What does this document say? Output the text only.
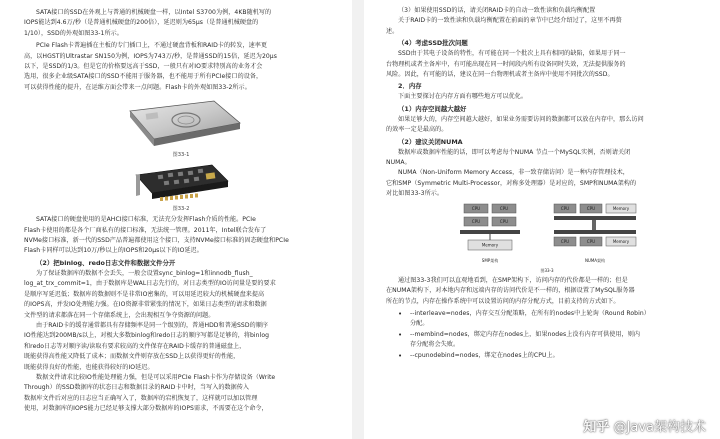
SATA接口的SSD在外观上与普通的机械硬盘一样，以Intel S3700为例，4KB随机写的

IOPS能达到4.6万/秒（是普通机械硬盘的200倍），延迟则为65μs（是普通机械硬盘的

1/10），SSD的外观如图33-1所示。

PCIe Flash卡普遍插在主板的专门插口上，不通过硬盘背板和RAID卡的转发，速率更

高，以HGST的Ultrastar SN150为例，IOPS为743万/秒，是普通SSD的15倍，延迟为20μs

以下，是SSD的1/3。但是它的价格要远高于SSD，一般只有对IO要求特别高的业务才会

选用，很多企业级SATA接口的SSD不能用于服务器，也不能用于所有PCIe接口的设备，

可以获得性能的提升，在运维方面会带来一点问题。Flash卡的外观如图33-2所示。

图33-1

图33-2

SATA接口的硬盘使用的是AHCI接口标准，无法充分发挥Flash介质的性能。PCIe

Flash卡使用的都是各个厂商私有的接口标准，无法统一管理。2011年，Intel联合发布了

NVMe接口标准，新一代的SSD产品普遍都使用这个接口，支持NVMe接口标准的固态硬盘和PCIe

Flash卡同样可以达到10万/秒以上的IOPS和20μs以下的IO延迟。

（2）把binlog、redo日志文件和数据文件分开

为了保证数据库的数据不会丢失，一般会设置sync_binlog=1和innodb_flush_

log_at_trx_commit=1，由于数据库是WAL日志先行的，对日志类型的IO访问量是要的要求

是顺序写延迟低；数据库的数据则不是非常IO密集的，可以用延迟较大的机械硬盘来提高

的IOPS高，并发IO处理能力强。在IO资源非常紧张的情况下，如果日志类型的请求和数据

文件型的请求都落在同一个存储系统上，会出现相互争夺资源的问题。

由于RAID卡的缓存通常都具有存储频率是同一个级别的，普通HDD和普通SSD的顺序

IO性能达到200MB/s以上，对极大多数binlog和redo日志的顺序写都是足够的，将binlog

和redo日志等对顺序读/读取有要求较高的文件保存在RAID卡缓存的普通磁盘上，

既能获得高性能又降低了成本；而数据文件则存放在SSD上以获得更好的性能，

既能获得良好的性能，也能获得较好的IO延迟。

数据文件请求比较IO性能处理能力强，但是可以采用PCIe Flash卡作为存储设备（Write

Through）的SSD数据库的状态日志和数据目录的RAID卡中时，当写入的数据传入

数据库文件后对应的日志应当正确写入了，数据库的宕机恢复了，这样就可以加以管理

使用，对数据库的IOPS能力已经足够支撑大部分数据库的IOPS需求，不需要在这个命令，

（3）如果使用SSD的话，请关闭RAID卡的自动一致性读和负载均衡配置

关于RAID卡的一致性读和负载均衡配置在前面的章节中已经介绍过了，这里不再赘

述。

（4）考虑SSD批次问题

SSD由于其电子设备的特性，有可能在同一个批次上具有相同的缺陷，如果用于同一

台物理机或者主备库中，有可能出现在同一时间段内所有设备同时失效，无法提供服务的

风险。因此，有可能的话，建议在同一台物理机或者主备库中使用不同批次的SSD。

2．内存

下面主要探讨在内存方面有哪些地方可以优化。

（1）内存空间越大越好

如果足够大的，内存空间越大越好，如果业务需要访问的数据都可以放在内存中，那么访问

的效率一定是最高的。

（2）建议关闭NUMA

数据库或数据库性能的话，即可以考虑每个NUMA 节点一个MySQL实例，否则请关闭

NUMA。

NUMA（Non-Uniform Memory Access，非一致存储访问）是一种内存管理技术，

它和SMP（Symmetric Multi-Processor，对称多处理器）是对应的，SMP和NUMA架构的

对比如图33-3所示。

CPU	CPU
CPU	CPU
Memory
SMP架构
CPU	CPU	Memory
CPU	CPU	Memory
NUMA架构
图33-3

通过图33-3我们可以直观地看到，在SMP架构下，访问内存的代价都是一样的；但是

在NUMA架构下，对本地内存和远端内存的访问代价是不一样的，根据设置了MySQL服务器

所在的节点，内存在操作系统中可以设置访问的内存分配方式，目前支持的方式如下。

• --interleave=nodes，内存交互分配策略，在所有的nodes中上轮询（Round Robin）

分配。

• --membind=nodes，绑定内存在nodes上，如果nodes上没有内存可供使用，则内

存分配将会失败。

• --cpunodebind=nodes，绑定在nodes上的CPU上。

知乎 @Java架构技术
